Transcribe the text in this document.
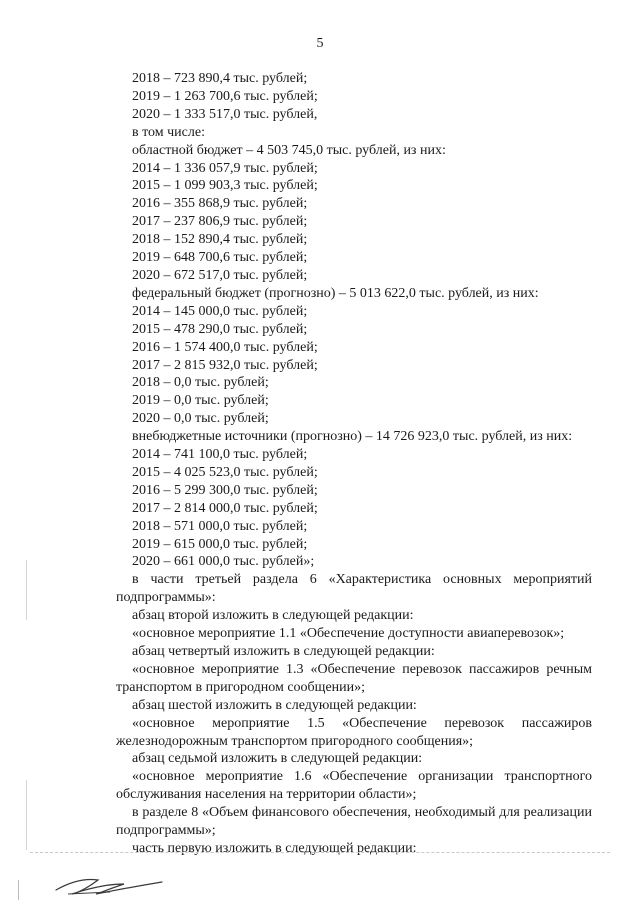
5
2018 – 723 890,4 тыс. рублей;
2019 – 1 263 700,6 тыс. рублей;
2020 – 1 333 517,0 тыс. рублей,
в том числе:
областной бюджет – 4 503 745,0 тыс. рублей, из них:
2014 – 1 336 057,9 тыс. рублей;
2015 – 1 099 903,3 тыс. рублей;
2016 – 355 868,9 тыс. рублей;
2017 – 237 806,9 тыс. рублей;
2018 – 152 890,4 тыс. рублей;
2019 – 648 700,6 тыс. рублей;
2020 – 672 517,0 тыс. рублей;
федеральный бюджет (прогнозно) – 5 013 622,0 тыс. рублей, из них:
2014 – 145 000,0 тыс. рублей;
2015 – 478 290,0 тыс. рублей;
2016 – 1 574 400,0 тыс. рублей;
2017 – 2 815 932,0 тыс. рублей;
2018 – 0,0 тыс. рублей;
2019 – 0,0 тыс. рублей;
2020 – 0,0 тыс. рублей;
внебюджетные источники (прогнозно) – 14 726 923,0 тыс. рублей, из них:
2014 – 741 100,0 тыс. рублей;
2015 – 4 025 523,0 тыс. рублей;
2016 – 5 299 300,0 тыс. рублей;
2017 – 2 814 000,0 тыс. рублей;
2018 – 571 000,0 тыс. рублей;
2019 – 615 000,0 тыс. рублей;
2020 – 661 000,0 тыс. рублей»;
в части третьей раздела 6 «Характеристика основных мероприятий подпрограммы»:
абзац второй изложить в следующей редакции:
«основное мероприятие 1.1 «Обеспечение доступности авиаперевозок»;
абзац четвертый изложить в следующей редакции:
«основное мероприятие 1.3 «Обеспечение перевозок пассажиров речным транспортом в пригородном сообщении»;
абзац шестой изложить в следующей редакции:
«основное мероприятие 1.5 «Обеспечение перевозок пассажиров железнодорожным транспортом пригородного сообщения»;
абзац седьмой изложить в следующей редакции:
«основное мероприятие 1.6 «Обеспечение организации транспортного обслуживания населения на территории области»;
в разделе 8 «Объем финансового обеспечения, необходимый для реализации подпрограммы»;
часть первую изложить в следующей редакции:
